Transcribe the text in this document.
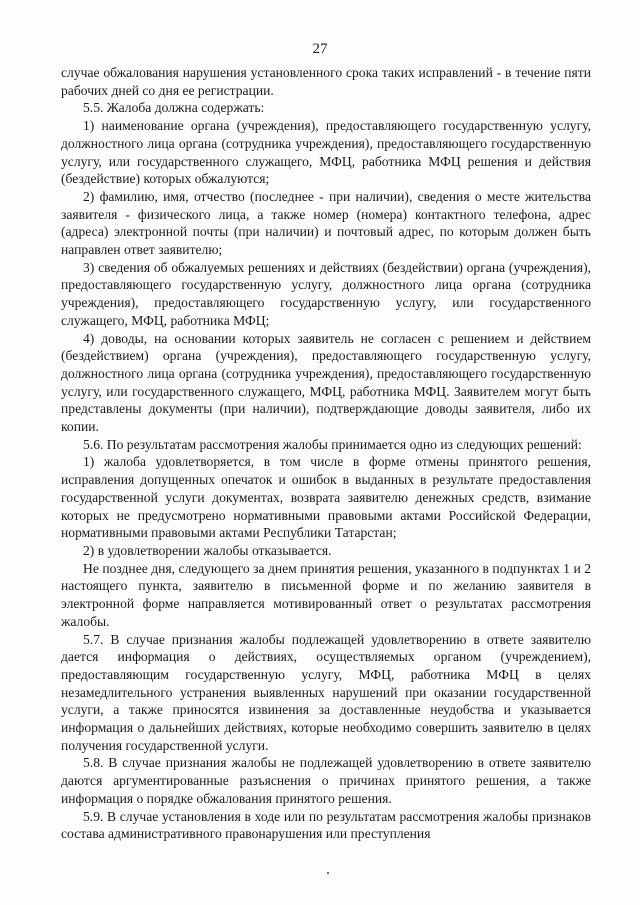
27

случае обжалования нарушения установленного срока таких исправлений - в течение пяти рабочих дней со дня ее регистрации.

5.5. Жалоба должна содержать:

1) наименование органа (учреждения), предоставляющего государственную услугу, должностного лица органа (сотрудника учреждения), предоставляющего государственную услугу, или государственного служащего, МФЦ, работника МФЦ решения и действия (бездействие) которых обжалуются;

2) фамилию, имя, отчество (последнее - при наличии), сведения о месте жительства заявителя - физического лица, а также номер (номера) контактного телефона, адрес (адреса) электронной почты (при наличии) и почтовый адрес, по которым должен быть направлен ответ заявителю;

3) сведения об обжалуемых решениях и действиях (бездействии) органа (учреждения), предоставляющего государственную услугу, должностного лица органа (сотрудника учреждения), предоставляющего государственную услугу, или государственного служащего, МФЦ, работника МФЦ;

4) доводы, на основании которых заявитель не согласен с решением и действием (бездействием) органа (учреждения), предоставляющего государственную услугу, должностного лица органа (сотрудника учреждения), предоставляющего государственную услугу, или государственного служащего, МФЦ, работника МФЦ. Заявителем могут быть представлены документы (при наличии), подтверждающие доводы заявителя, либо их копии.

5.6. По результатам рассмотрения жалобы принимается одно из следующих решений:

1) жалоба удовлетворяется, в том числе в форме отмены принятого решения, исправления допущенных опечаток и ошибок в выданных в результате предоставления государственной услуги документах, возврата заявителю денежных средств, взимание которых не предусмотрено нормативными правовыми актами Российской Федерации, нормативными правовыми актами Республики Татарстан;

2) в удовлетворении жалобы отказывается.

Не позднее дня, следующего за днем принятия решения, указанного в подпунктах 1 и 2 настоящего пункта, заявителю в письменной форме и по желанию заявителя в электронной форме направляется мотивированный ответ о результатах рассмотрения жалобы.

5.7. В случае признания жалобы подлежащей удовлетворению в ответе заявителю дается информация о действиях, осуществляемых органом (учреждением), предоставляющим государственную услугу, МФЦ, работника МФЦ в целях незамедлительного устранения выявленных нарушений при оказании государственной услуги, а также приносятся извинения за доставленные неудобства и указывается информация о дальнейших действиях, которые необходимо совершить заявителю в целях получения государственной услуги.

5.8. В случае признания жалобы не подлежащей удовлетворению в ответе заявителю даются аргументированные разъяснения о причинах принятого решения, а также информация о порядке обжалования принятого решения.

5.9. В случае установления в ходе или по результатам рассмотрения жалобы признаков состава административного правонарушения или преступления
